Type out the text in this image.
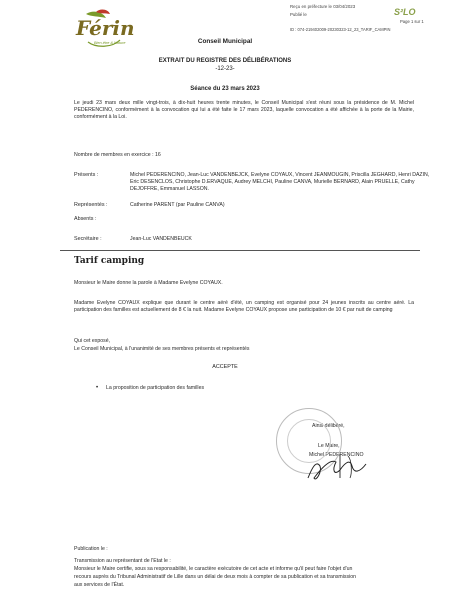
Reçu en préfecture le 03/04/2023
Publié le
ID : 074-219402009-20230323-12_23_TARIF_CAMPIN
S²LO
Page 1 sur 1
Férin
Bien-être & Nature	Conseil Municipal
EXTRAIT DU REGISTRE DES DÉLIBÉRATIONS
-12-23-
Séance du 23 mars 2023
Le jeudi 23 mars deux mille vingt-trois, à dix-huit heures trente minutes, le Conseil Municipal s'est réuni sous la présidence de M. Michel PEDERENCINO, conformément à la convocation qui lui a été faite le 17 mars 2023, laquelle convocation a été affichée à la porte de la Mairie, conformément à la Loi.
Nombre de membres en exercice : 16
Présents :	Michel PEDERENCINO, Jean-Luc VANDENBEJCK, Evelyne COYAUX, Vincent JEANMOUGIN, Priscilla JEGHARD, Henri DAZIN, Eric DESENCLOS, Christophe D.ERVAQUE, Audrey MELCHI, Pauline CANVA, Murielle BERNARD, Alain PRUELLE, Cathy DEJOFFRE, Emmanuel LASSON.
Représentés :	Catherine PARENT (par Pauline CANVA)
Absents :
Secrétaire :	Jean-Luc VANDENBEUCK
Tarif camping
Monsieur le Maire donne la parole à Madame Evelyne COYAUX.
Madame Evelyne COYAUX explique que durant le centre aéré d'été, un camping est organisé pour 24 jeunes inscrits au centre aéré. La participation des familles est actuellement de 8 € la nuit. Madame Evelyne COYAUX propose une participation de 10 € par nuit de camping
Qui cet exposé,
Le Conseil Municipal, à l'unanimité de ses membres présents et représentés
ACCEPTE
• La proposition de participation des familles
Ainsi délibéré,
Le Maire,
Michel PEDERENCINO
Publication le :
Transmission au représentant de l'Etat le :
Monsieur le Maire certifie, sous sa responsabilité, le caractère exécutoire de cet acte et informe qu'il peut faire l'objet d'un
recours auprès du Tribunal Administratif de Lille dans un délai de deux mois à compter de sa publication et sa transmission
aux services de l'État.
